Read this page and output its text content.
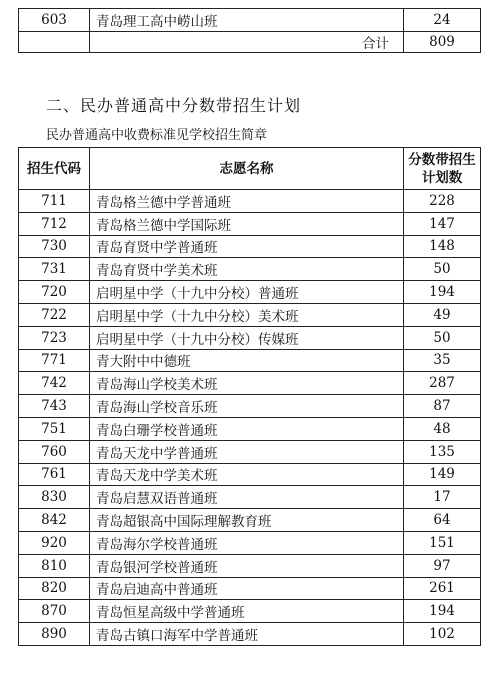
603	青岛理工高中崂山班	24
	合计	809
二、民办普通高中分数带招生计划

民办普通高中收费标准见学校招生简章

招生代码	志愿名称	分数带招生计划数
711	青岛格兰德中学普通班	228
712	青岛格兰德中学国际班	147
730	青岛育贤中学普通班	148
731	青岛育贤中学美术班	50
720	启明星中学（十九中分校）普通班	194
722	启明星中学（十九中分校）美术班	49
723	启明星中学（十九中分校）传媒班	50
771	青大附中中德班	35
742	青岛海山学校美术班	287
743	青岛海山学校音乐班	87
751	青岛白珊学校普通班	48
760	青岛天龙中学普通班	135
761	青岛天龙中学美术班	149
830	青岛启慧双语普通班	17
842	青岛超银高中国际理解教育班	64
920	青岛海尔学校普通班	151
810	青岛银河学校普通班	97
820	青岛启迪高中普通班	261
870	青岛恒星高级中学普通班	194
890	青岛古镇口海军中学普通班	102
